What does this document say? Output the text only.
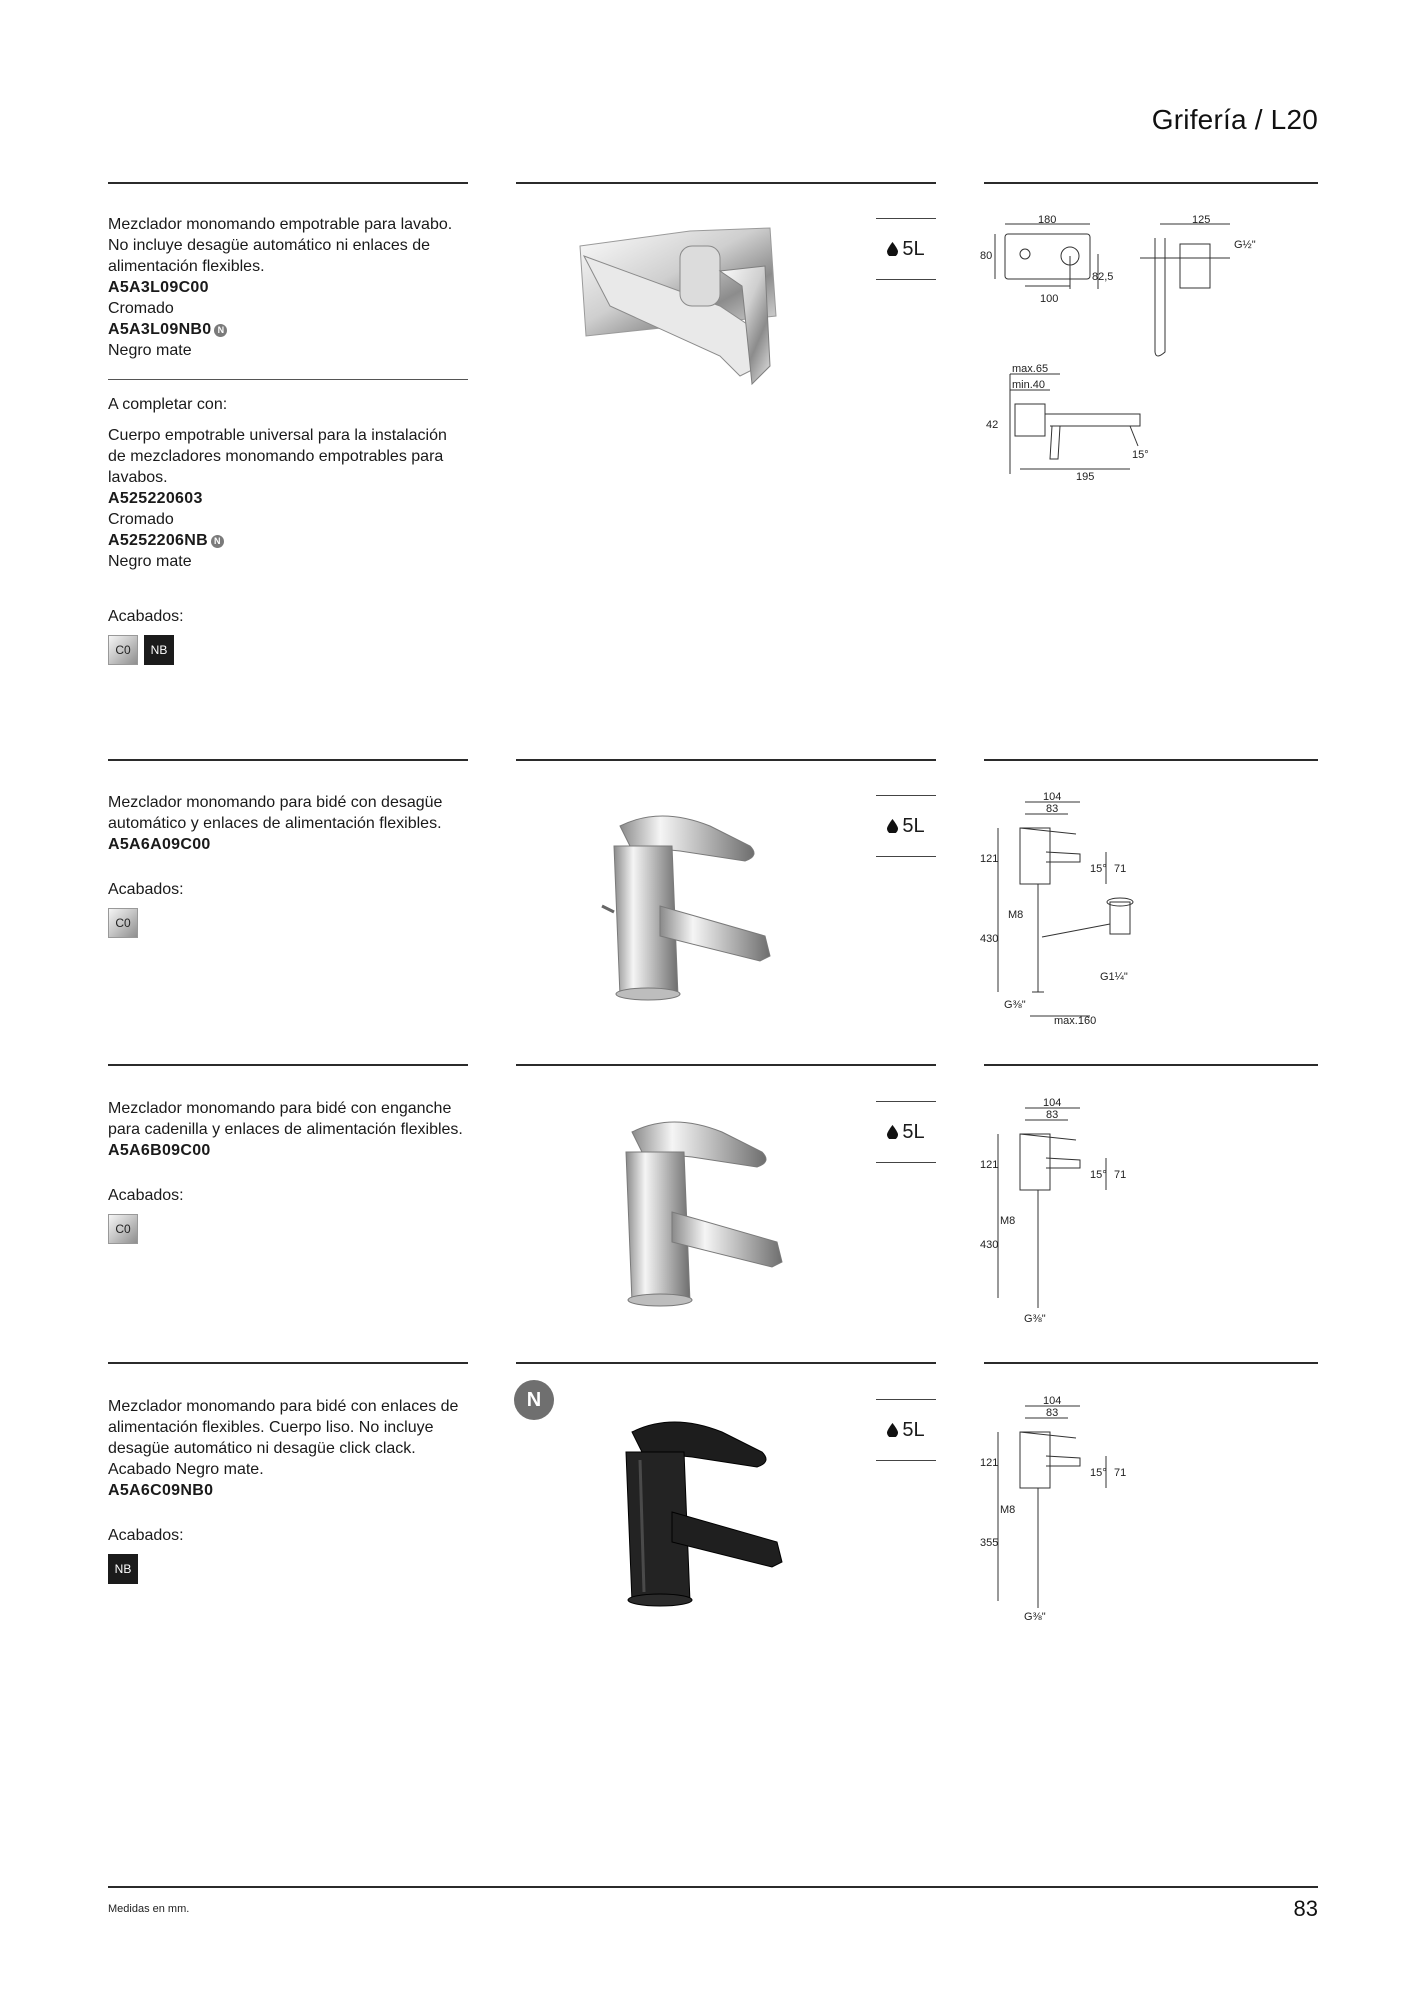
Grifería / L20

Mezclador monomando empotrable para lavabo. No incluye desagüe automático ni enlaces de alimentación flexibles.

A5A3L09C00

Cromado

A5A3L09NB0 N

Negro mate

A completar con:

Cuerpo empotrable universal para la instalación de mezcladores monomando empotrables para lavabos.

A525220603

Cromado

A5252206NB N

Negro mate

Acabados:

C0	NB
5L
180	125
80
82,5
100
G½"
max.65
min.40
42
195
15°

Mezclador monomando para bidé con desagüe automático y enlaces de alimentación flexibles.

A5A6A09C00

Acabados:

C0
5L
104
83
121
15° 71
M8
430
G1¼"
G⅜"
max.160

Mezclador monomando para bidé con enganche para cadenilla y enlaces de alimentación flexibles.

A5A6B09C00

Acabados:

C0
5L
104
83
121
15° 71
M8
430
G⅜"

Mezclador monomando para bidé con enlaces de alimentación flexibles. Cuerpo liso. No incluye desagüe automático ni desagüe click clack. Acabado Negro mate.

A5A6C09NB0

Acabados:

NB
N
5L
104
83
121
15° 71
M8
355
G⅜"
Medidas en mm.	83
